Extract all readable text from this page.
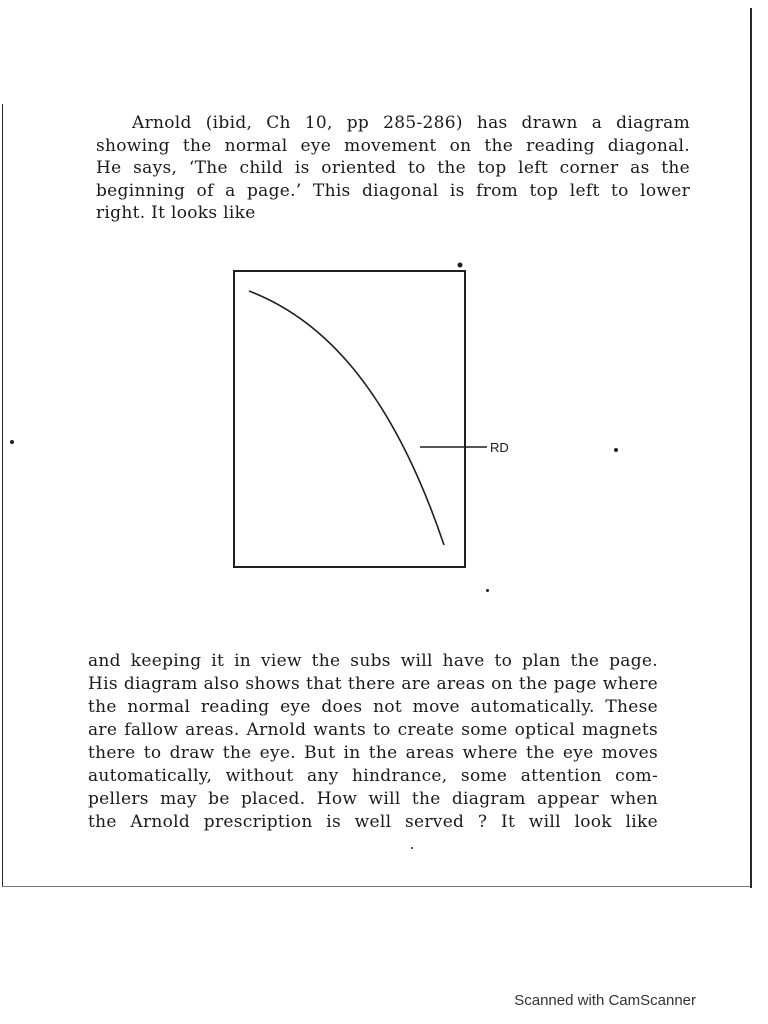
Arnold (ibid, Ch 10, pp 285-286) has drawn a diagram
showing the normal eye movement on the reading diagonal.
He says, ‘The child is oriented to the top left corner as the
beginning of a page.’ This diagonal is from top left to lower
right. It looks like
RD
and keeping it in view the subs will have to plan the page.
His diagram also shows that there are areas on the page where
the normal reading eye does not move automatically. These
are fallow areas. Arnold wants to create some optical magnets
there to draw the eye. But in the areas where the eye moves
automatically, without any hindrance, some attention com-
pellers may be placed. How will the diagram appear when
the Arnold prescription is well served ? It will look like
Scanned with CamScanner
